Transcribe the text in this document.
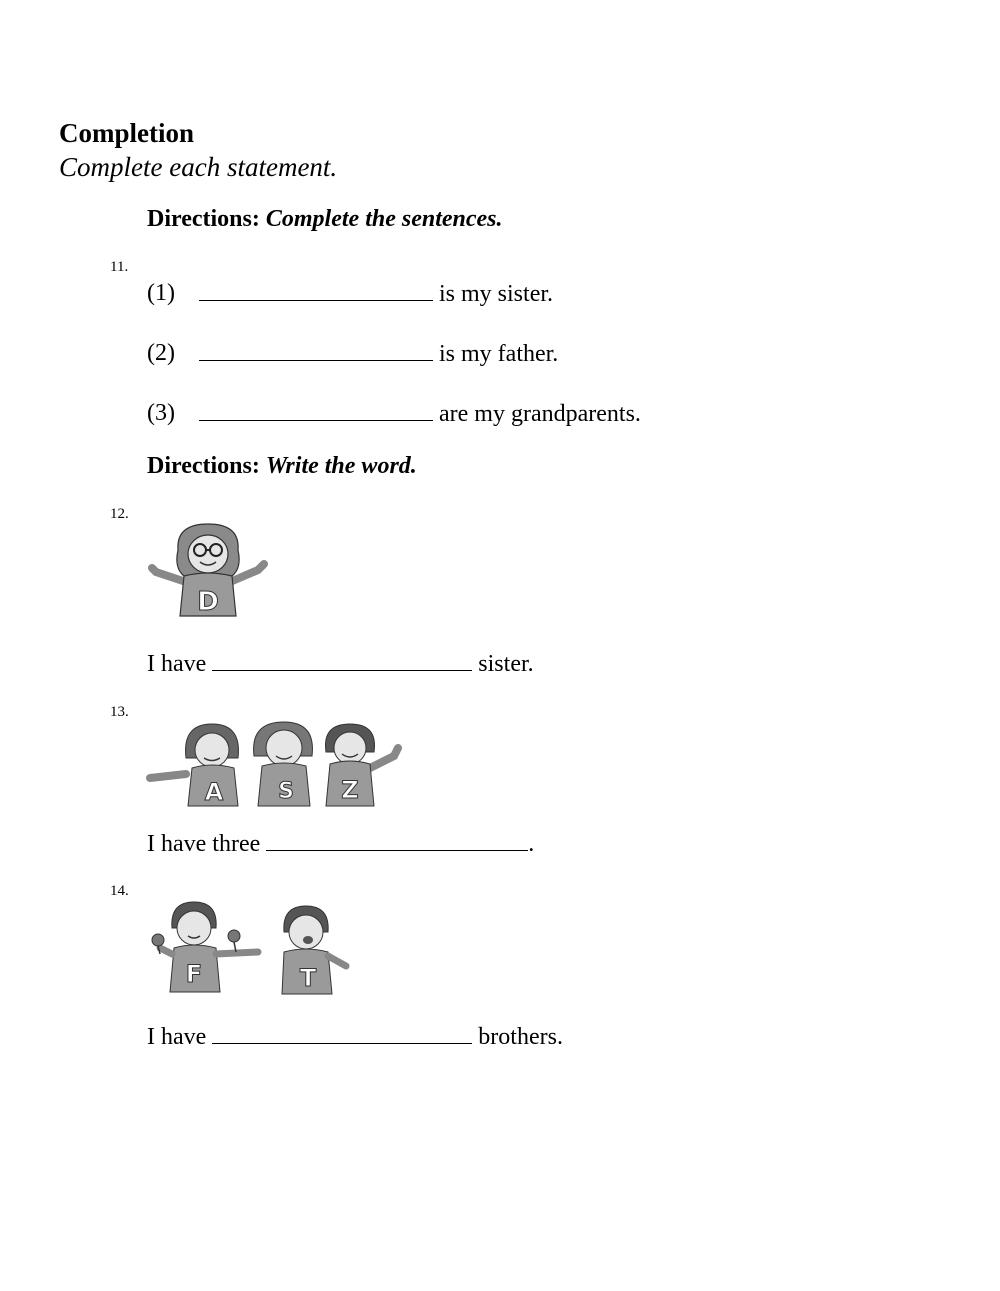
Completion
Complete each statement.
Directions: Complete the sentences.
11.
(1)	is my sister.
(2)	is my father.
(3)	are my grandparents.
Directions: Write the word.
12.
D
I have	sister.
13.
A S Z
I have three	.
14.
F	T
I have	brothers.
